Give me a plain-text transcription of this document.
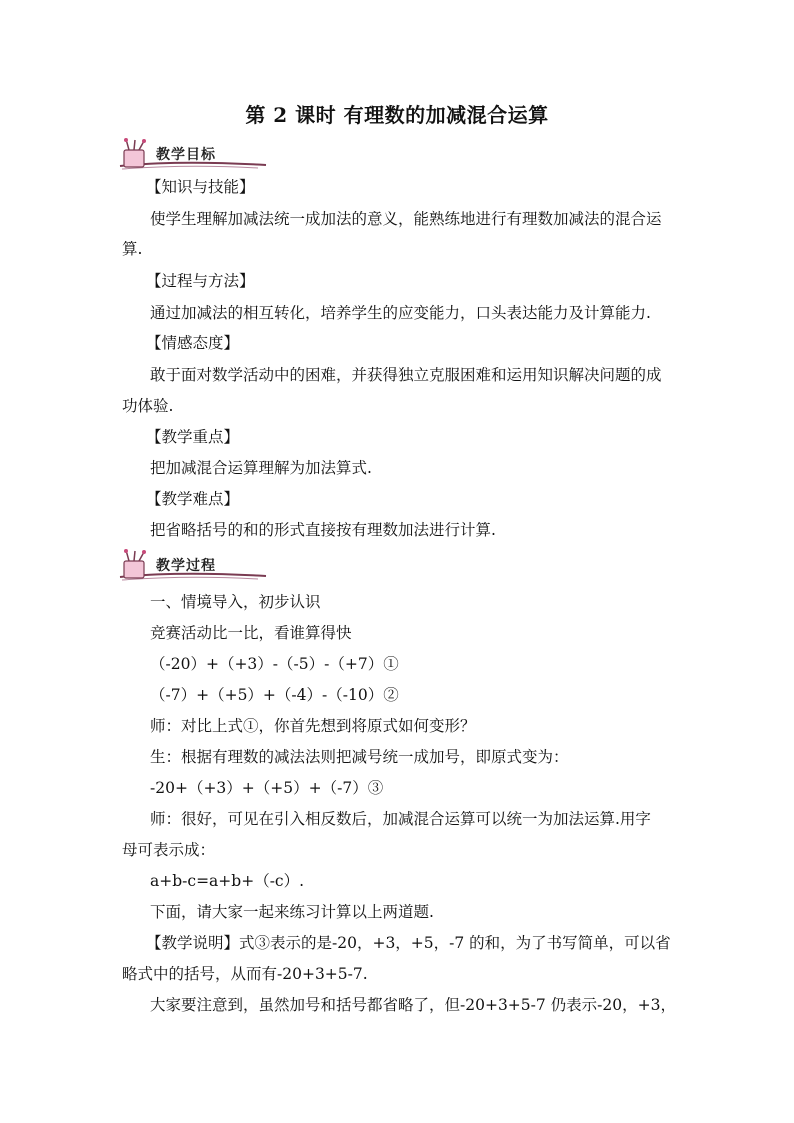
第 2 课时 有理数的加减混合运算
教学目标
【知识与技能】
使学生理解加减法统一成加法的意义，能熟练地进行有理数加减法的混合运
算.
【过程与方法】
通过加减法的相互转化，培养学生的应变能力，口头表达能力及计算能力.
【情感态度】
敢于面对数学活动中的困难，并获得独立克服困难和运用知识解决问题的成
功体验.
【教学重点】
把加减混合运算理解为加法算式.
【教学难点】
把省略括号的和的形式直接按有理数加法进行计算.
教学过程
一、情境导入，初步认识
竞赛活动比一比，看谁算得快
（-20）+（+3）-（-5）-（+7）①
（-7）+（+5）+（-4）-（-10）②
师：对比上式①，你首先想到将原式如何变形？
生：根据有理数的减法法则把减号统一成加号，即原式变为：
-20+（+3）+（+5）+（-7）③
师：很好，可见在引入相反数后，加减混合运算可以统一为加法运算.用字
母可表示成：
a+b-c=a+b+（-c）.
下面，请大家一起来练习计算以上两道题.
【教学说明】式③表示的是-20，+3，+5，-7 的和，为了书写简单，可以省
略式中的括号，从而有-20+3+5-7.
大家要注意到，虽然加号和括号都省略了，但-20+3+5-7 仍表示-20，+3，
